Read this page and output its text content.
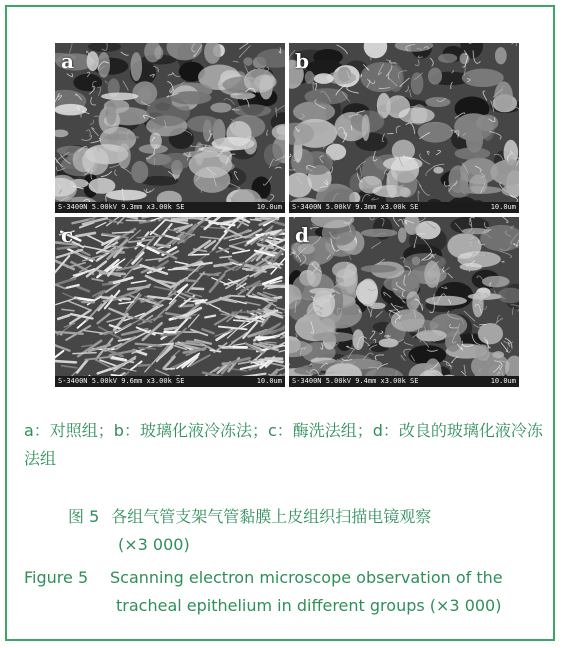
a
S-3400N 5.00kV 9.3mm x3.00k SE	10.0um
b
S-3400N 5.00kV 9.3mm x3.00k SE	10.0um
c
S-3400N 5.00kV 9.6mm x3.00k SE	10.0um
d
S-3400N 5.00kV 9.4mm x3.00k SE	10.0um
a：对照组；b：玻璃化液冷冻法；c：酶洗法组；d：改良的玻璃化液冷冻法组
图 5 各组气管支架气管黏膜上皮组织扫描电镜观察
(×3 000)
Figure 5 Scanning electron microscope observation of the
tracheal epithelium in different groups (×3 000)
